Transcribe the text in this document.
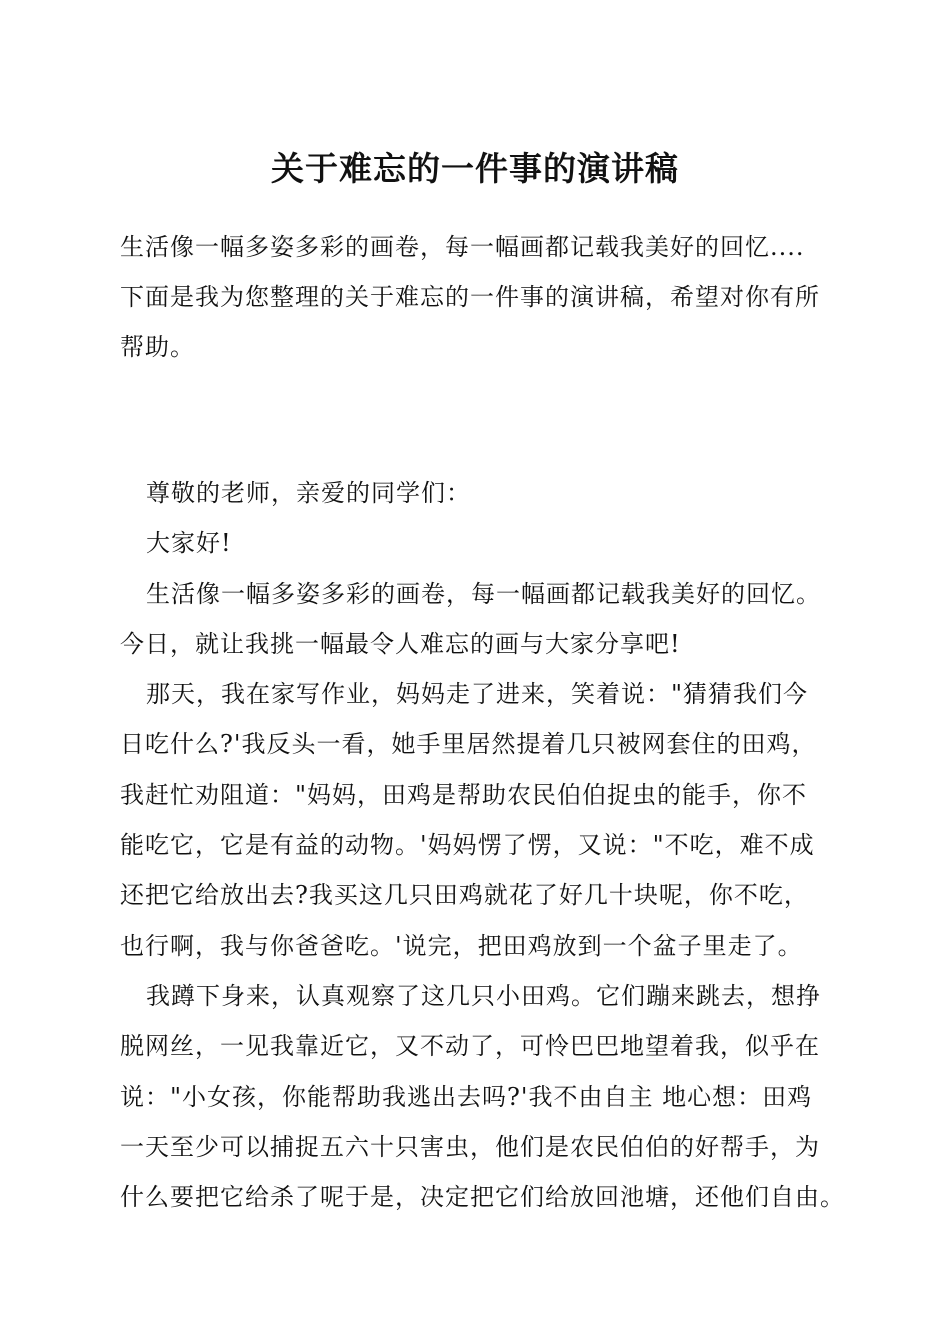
关于难忘的一件事的演讲稿
生活像一幅多姿多彩的画卷，每一幅画都记载我美好的回忆....
下面是我为您整理的关于难忘的一件事的演讲稿，希望对你有所
帮助。
尊敬的老师，亲爱的同学们：
大家好!
生活像一幅多姿多彩的画卷，每一幅画都记载我美好的回忆。
今日，就让我挑一幅最令人难忘的画与大家分享吧!
那天，我在家写作业，妈妈走了进来，笑着说："猜猜我们今
日吃什么?'我反头一看，她手里居然提着几只被网套住的田鸡，
我赶忙劝阻道："妈妈，田鸡是帮助农民伯伯捉虫的能手，你不
能吃它，它是有益的动物。'妈妈愣了愣，又说："不吃，难不成
还把它给放出去?我买这几只田鸡就花了好几十块呢，你不吃，
也行啊，我与你爸爸吃。'说完，把田鸡放到一个盆子里走了。
我蹲下身来，认真观察了这几只小田鸡。它们蹦来跳去，想挣
脱网丝，一见我靠近它，又不动了，可怜巴巴地望着我，似乎在
说："小女孩，你能帮助我逃出去吗?'我不由自主 地心想：田鸡
一天至少可以捕捉五六十只害虫，他们是农民伯伯的好帮手，为
什么要把它给杀了呢于是，决定把它们给放回池塘，还他们自由。
